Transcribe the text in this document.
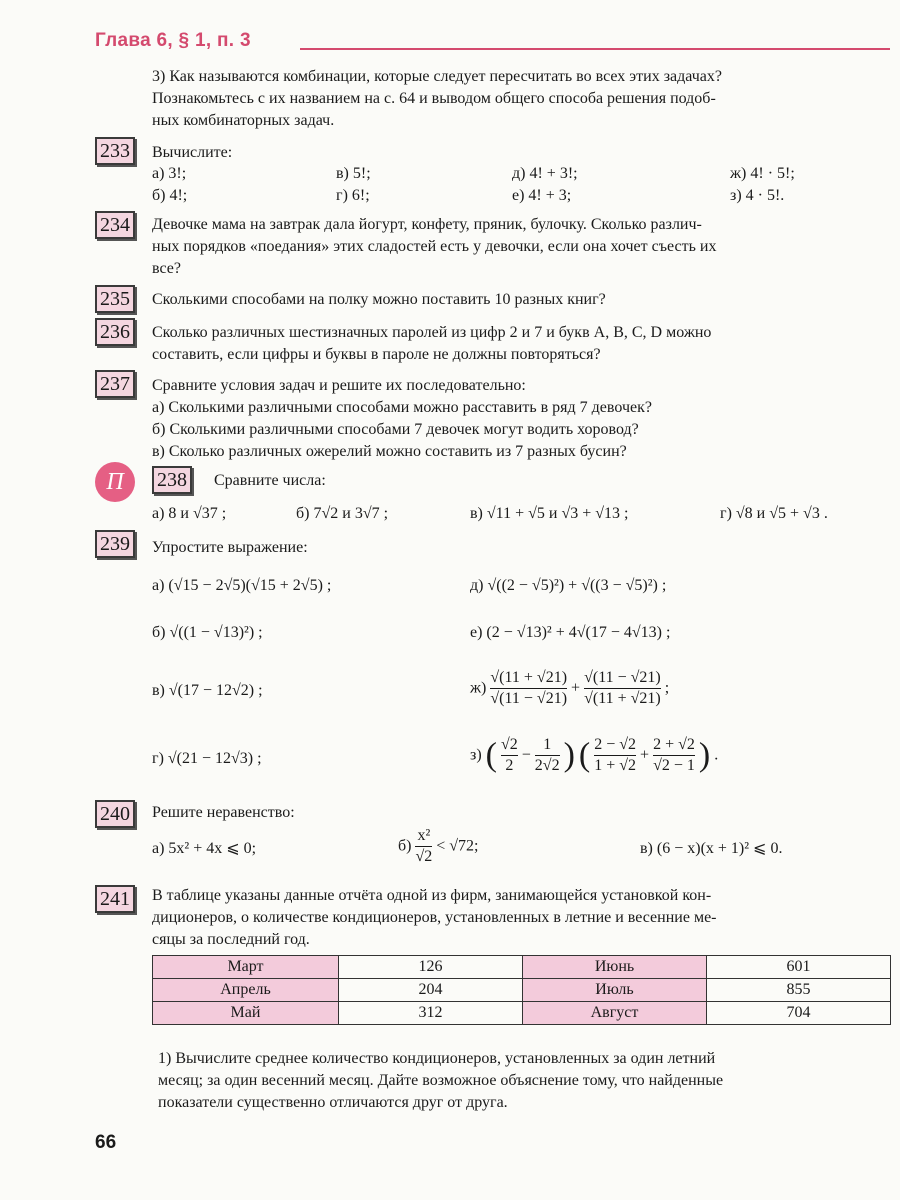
Глава 6, § 1, п. 3
3) Как называются комбинации, которые следует пересчитать во всех этих задачах?
Познакомьтесь с их названием на с. 64 и выводом общего способа решения подоб-
ных комбинаторных задач.
233	Вычислите:
а) 3!;	в) 5!;	д) 4! + 3!;	ж) 4! · 5!;
б) 4!;	г) 6!;	е) 4! + 3;	з) 4 · 5!.
234	Девочке мама на завтрак дала йогурт, конфету, пряник, булочку. Сколько различ-
ных порядков «поедания» этих сладостей есть у девочки, если она хочет съесть их
все?
235	Сколькими способами на полку можно поставить 10 разных книг?
236	Сколько различных шестизначных паролей из цифр 2 и 7 и букв A, B, C, D можно
составить, если цифры и буквы в пароле не должны повторяться?
237	Сравните условия задач и решите их последовательно:
а) Сколькими различными способами можно расставить в ряд 7 девочек?
б) Сколькими различными способами 7 девочек могут водить хоровод?
в) Сколько различных ожерелий можно составить из 7 разных бусин?
П	238	Сравните числа:
а) 8 и √37 ;	б) 7√2 и 3√7 ;	в) √11 + √5 и √3 + √13 ;	г) √8 и √5 + √3 .
239	Упростите выражение:
а) (√15 − 2√5)(√15 + 2√5) ;
б) √((1 − √13)²) ;
в) √(17 − 12√2) ;
г) √(21 − 12√3) ;
д) √((2 − √5)²) + √((3 − √5)²) ;
е) (2 − √13)² + 4√(17 − 4√13) ;
$ж) \frac{√(11 + √21)}{√(11 - √21)} + \frac{√(11 - √21)}{√(11 + √21)}$ ;
з) ( $\frac{√2}{2} - \frac{1}{2√2}$ ) ( $\frac{2 - √2}{1 + √2} + \frac{2 + √2}{√2 - 1}$ ) .
240	Решите неравенство:
а) 5x² + 4x ⩽ 0;	$б) \frac{\text{x²}}{√2} < √72$;	в) (6 − x)(x + 1)² ⩽ 0.
241	В таблице указаны данные отчёта одной из фирм, занимающейся установкой кон-
диционеров, о количестве кондиционеров, установленных в летние и весенние ме-
сяцы за последний год.
Март	126	Июнь	601
Апрель	204	Июль	855
Май	312	Август	704
1) Вычислите среднее количество кондиционеров, установленных за один летний
месяц; за один весенний месяц. Дайте возможное объяснение тому, что найденные
показатели существенно отличаются друг от друга.
66
